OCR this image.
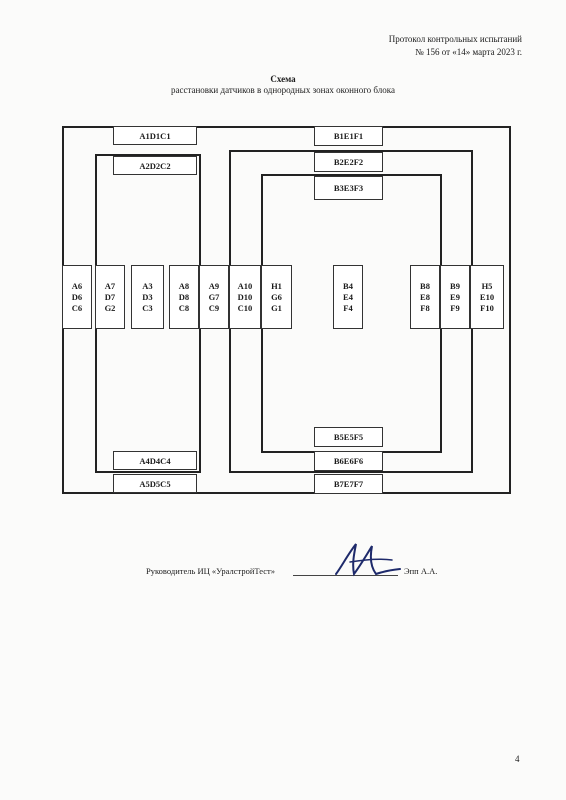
Протокол контрольных испытаний
№ 156 от «14» марта 2023 г.
Схема
расстановки датчиков в однородных зонах оконного блока
A1D1C1
A2D2C2
A4D4C4
A5D5C5
B1E1F1
B2E2F2
B3E3F3
B5E5F5
B6E6F6
B7E7F7
A6
D6
C6
A7
D7
G2
A3
D3
C3
A8
D8
C8
A9
G7
C9
A10
D10
C10
H1
G6
G1
B4
E4
F4
B8
E8
F8
B9
E9
F9
H5
E10
F10
Руководитель ИЦ «УралстройТест»	Эпп А.А.
4
